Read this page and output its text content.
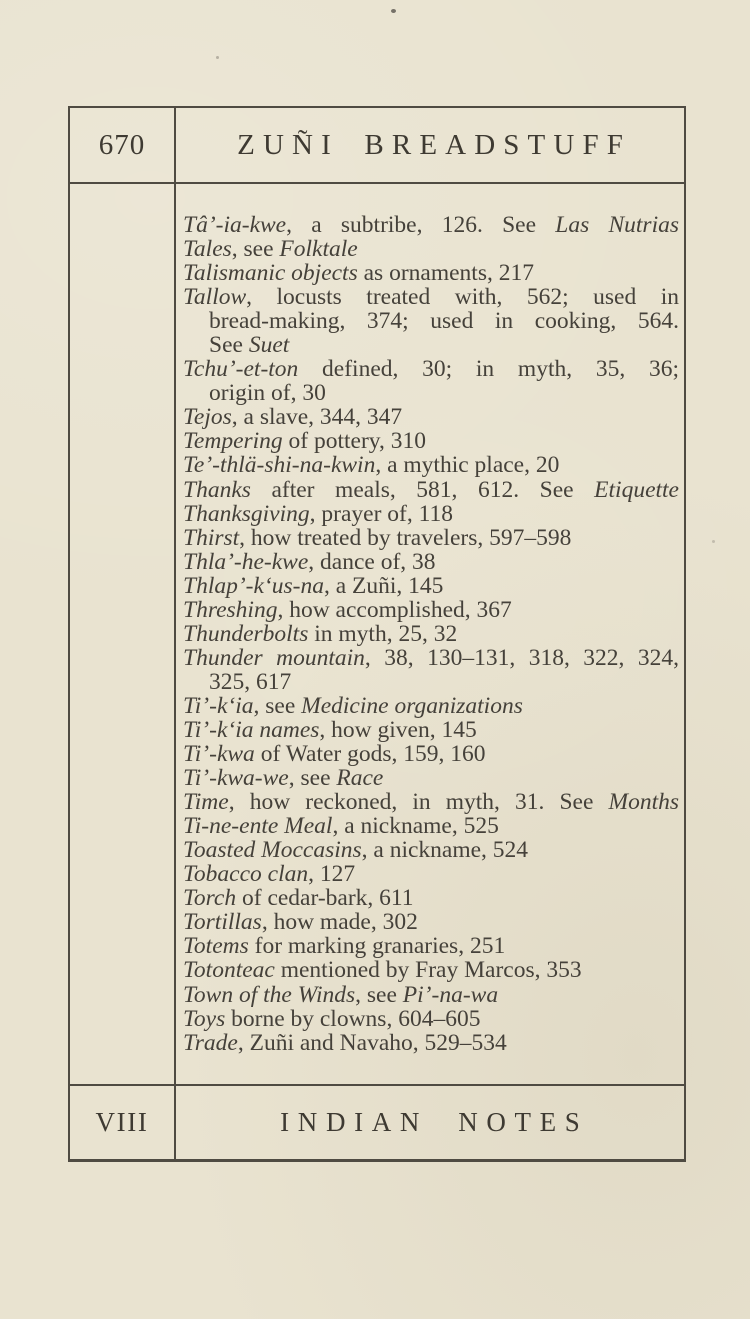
670	ZUÑI BREADSTUFF
Tâ’-ia-kwe, a subtribe, 126. See Las Nutrias
Tales, see Folktale
Talismanic objects as ornaments, 217
Tallow, locusts treated with, 562; used in
bread-making, 374; used in cooking, 564.
See Suet
Tchu’-et-ton defined, 30; in myth, 35, 36;
origin of, 30
Tejos, a slave, 344, 347
Tempering of pottery, 310
Te’-thlä-shi-na-kwin, a mythic place, 20
Thanks after meals, 581, 612. See Etiquette
Thanksgiving, prayer of, 118
Thirst, how treated by travelers, 597–598
Thla’-he-kwe, dance of, 38
Thlap’-k‘us-na, a Zuñi, 145
Threshing, how accomplished, 367
Thunderbolts in myth, 25, 32
Thunder mountain, 38, 130–131, 318, 322, 324,
325, 617
Ti’-k‘ia, see Medicine organizations
Ti’-k‘ia names, how given, 145
Ti’-kwa of Water gods, 159, 160
Ti’-kwa-we, see Race
Time, how reckoned, in myth, 31. See Months
Ti-ne-ente Meal, a nickname, 525
Toasted Moccasins, a nickname, 524
Tobacco clan, 127
Torch of cedar-bark, 611
Tortillas, how made, 302
Totems for marking granaries, 251
Totonteac mentioned by Fray Marcos, 353
Town of the Winds, see Pi’-na-wa
Toys borne by clowns, 604–605
Trade, Zuñi and Navaho, 529–534
VIII	INDIAN NOTES
